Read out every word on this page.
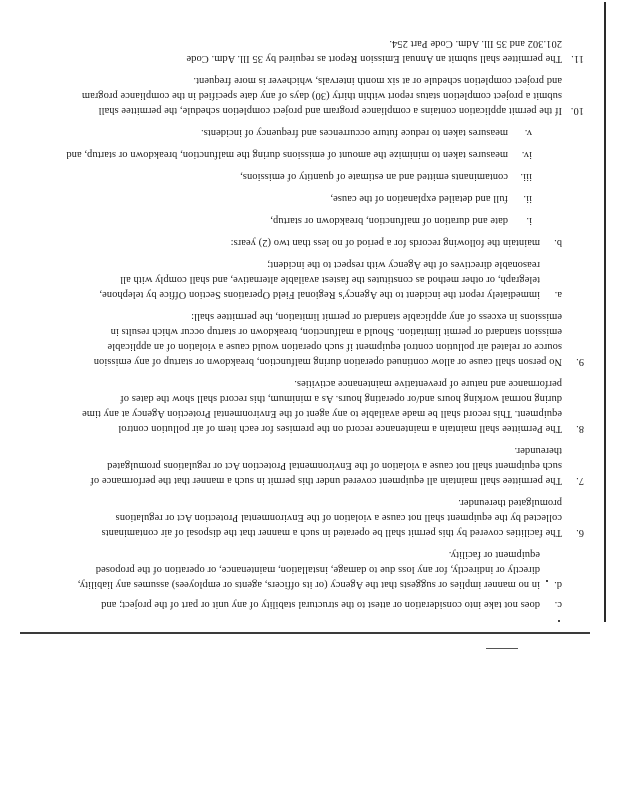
c.
does not take into consideration or attest to the structural stability of any unit or part of the project; and
d.
in no manner implies or suggests that the Agency (or its officers, agents or employees) assumes any liability,
directly or indirectly, for any loss due to damage, installation, maintenance, or operation of the proposed
equipment or facility.
6.
The facilities covered by this permit shall be operated in such a manner that the disposal of air contaminants
collected by the equipment shall not cause a violation of the Environmental Protection Act or regulations
promulgated thereunder.
7.
The permittee shall maintain all equipment covered under this permit in such a manner that the performance of
such equipment shall not cause a violation of the Environmental Protection Act or regulations promulgated
thereunder.
8.
The Permittee shall maintain a maintenance record on the premises for each item of air pollution control
equipment. This record shall be made available to any agent of the Environmental Protection Agency at any time
during normal working hours and/or operating hours. As a minimum, this record shall show the dates of
performance and nature of preventative maintenance activities.
9.
No person shall cause or allow continued operation during malfunction, breakdown or startup of any emission
source or related air pollution control equipment if such operation would cause a violation of an applicable
emission standard or permit limitation. Should a malfunction, breakdown or startup occur which results in
emissions in excess of any applicable standard or permit limitation, the permittee shall:
a.
immediately report the incident to the Agency's Regional Field Operations Section Office by telephone,
telegraph, or other method as constitutes the fastest available alternative, and shall comply with all
reasonable directives of the Agency with respect to the incident;
b.
maintain the following records for a period of no less than two (2) years:
i.
date and duration of malfunction, breakdown or startup,
ii.
full and detailed explanation of the cause,
iii.
contaminants emitted and an estimate of quantity of emissions,
iv.
measures taken to minimize the amount of emissions during the malfunction, breakdown or startup, and
v.
measures taken to reduce future occurrences and frequency of incidents.
10.
If the permit application contains a compliance program and project completion schedule, the permittee shall
submit a project completion status report within thirty (30) days of any date specified in the compliance program
and project completion schedule or at six month intervals, whichever is more frequent.
11.
The permittee shall submit an Annual Emission Report as required by 35 Ill. Adm. Code
201.302 and 35 Ill. Adm. Code Part 254.
